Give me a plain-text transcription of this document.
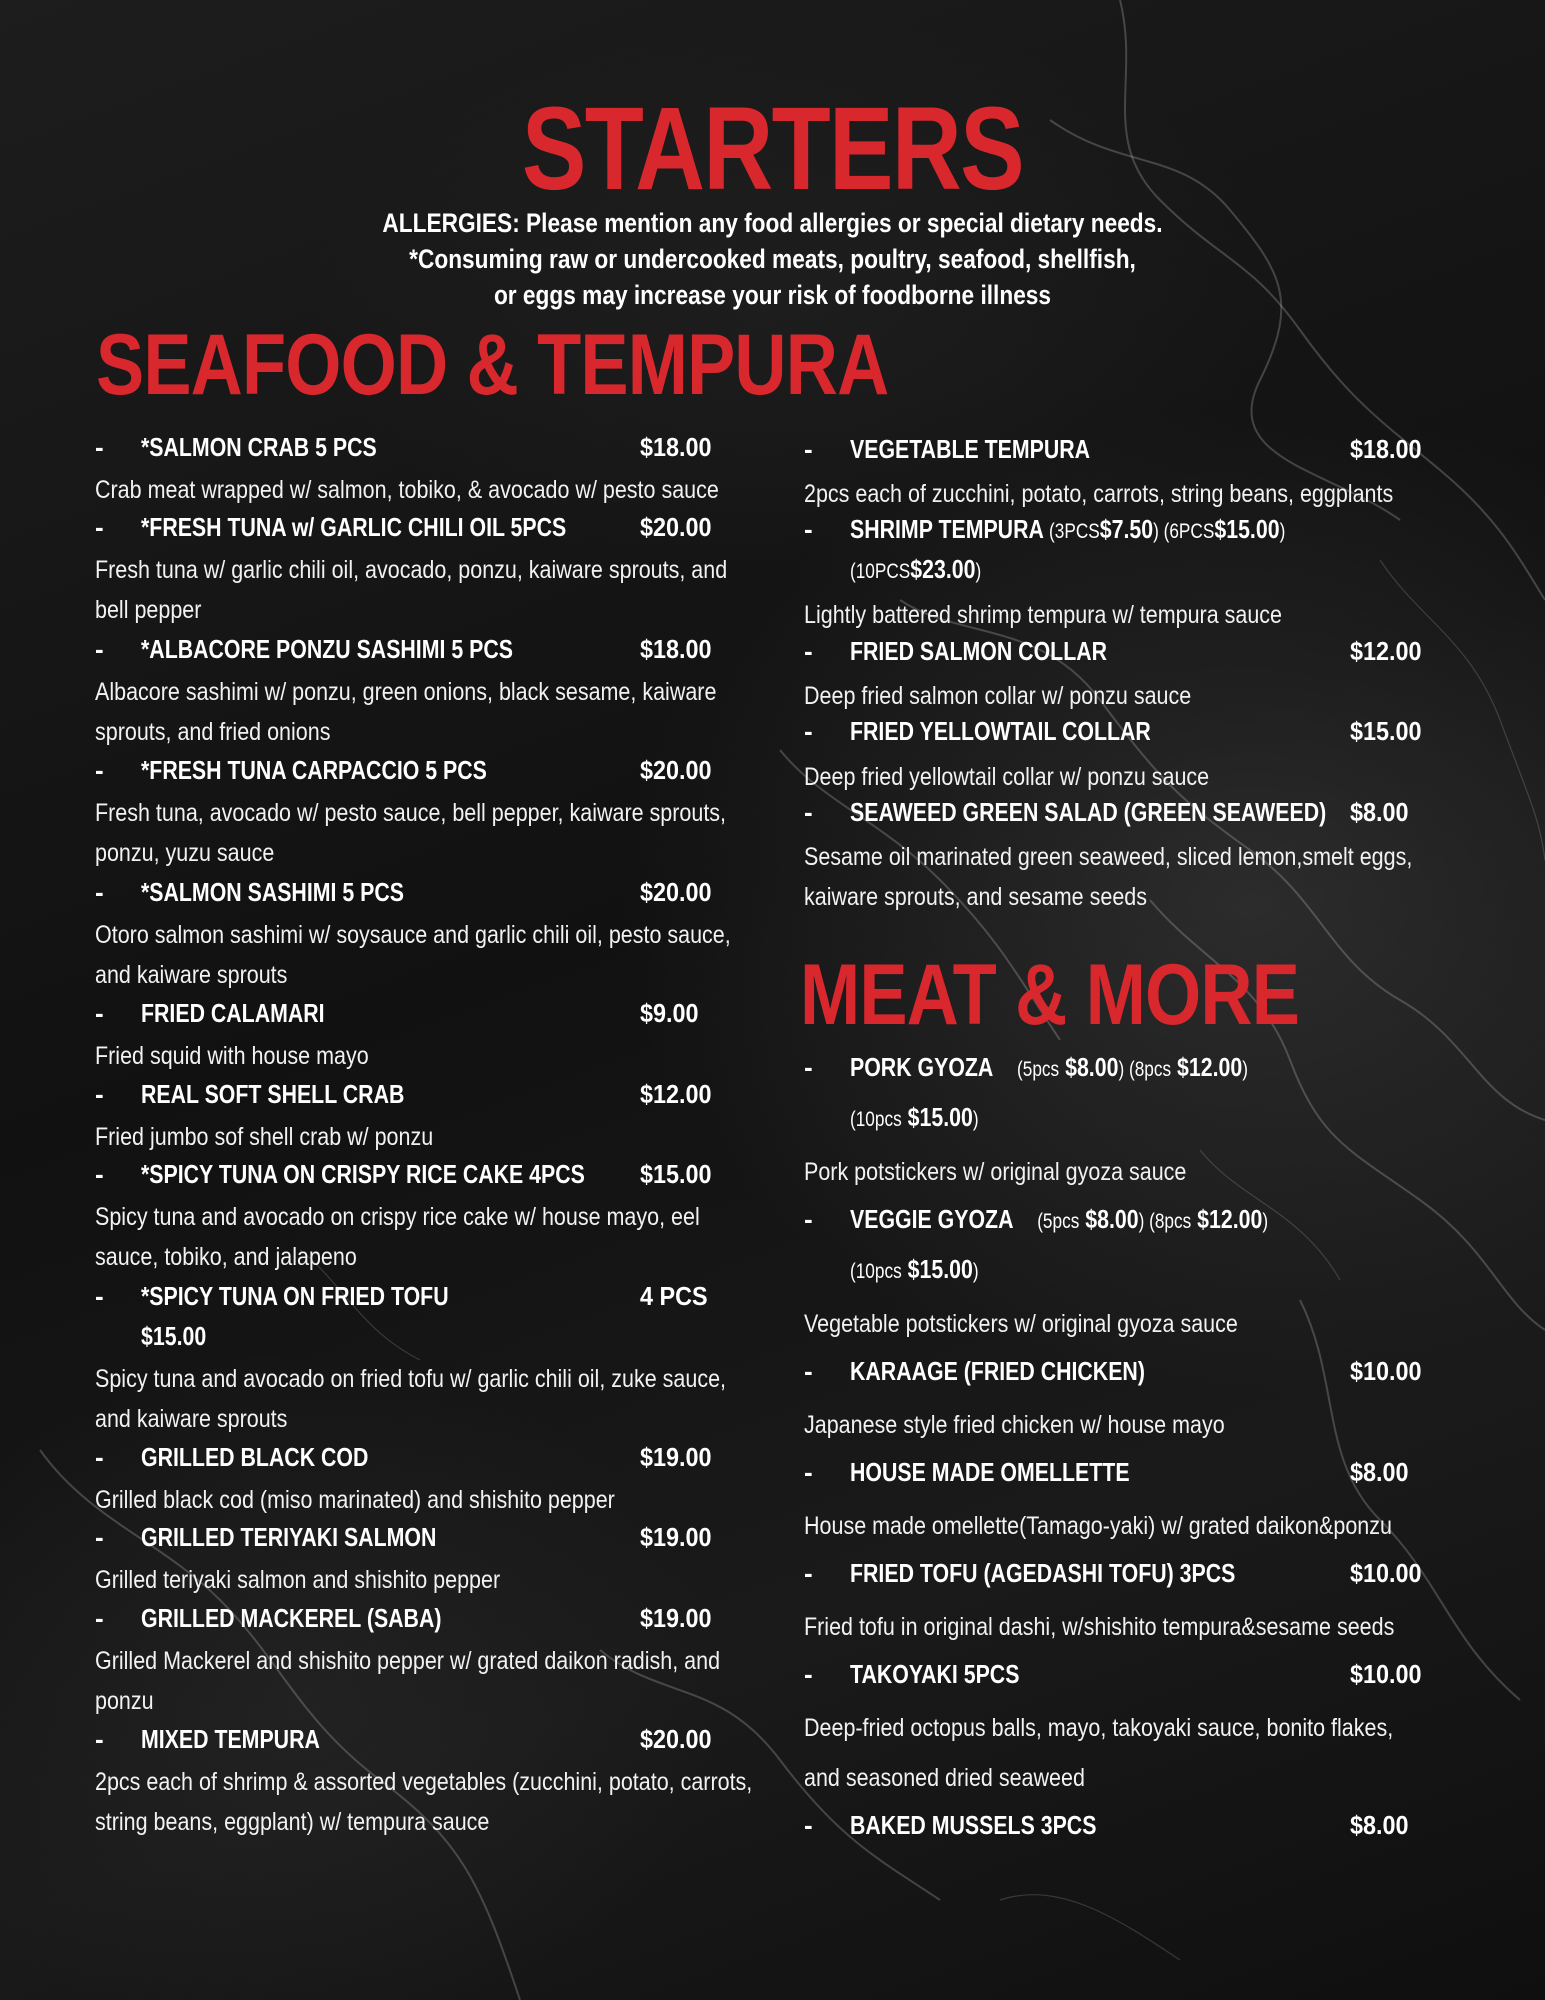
STARTERS
ALLERGIES: Please mention any food allergies or special dietary needs.
*Consuming raw or undercooked meats, poultry, seafood, shellfish,
or eggs may increase your risk of foodborne illness
SEAFOOD & TEMPURA
MEAT & MORE
- *SALMON CRAB 5 PCS	$18.00
Crab meat wrapped w/ salmon, tobiko, & avocado w/ pesto sauce
- *FRESH TUNA w/ GARLIC CHILI OIL 5PCS	$20.00
Fresh tuna w/ garlic chili oil, avocado, ponzu, kaiware sprouts, and
bell pepper
- *ALBACORE PONZU SASHIMI 5 PCS	$18.00
Albacore sashimi w/ ponzu, green onions, black sesame, kaiware
sprouts, and fried onions
- *FRESH TUNA CARPACCIO 5 PCS	$20.00
Fresh tuna, avocado w/ pesto sauce, bell pepper, kaiware sprouts,
ponzu, yuzu sauce
- *SALMON SASHIMI 5 PCS	$20.00
Otoro salmon sashimi w/ soysauce and garlic chili oil, pesto sauce,
and kaiware sprouts
- FRIED CALAMARI	$9.00
Fried squid with house mayo
- REAL SOFT SHELL CRAB	$12.00
Fried jumbo sof shell crab w/ ponzu
- *SPICY TUNA ON CRISPY RICE CAKE 4PCS $15.00
Spicy tuna and avocado on crispy rice cake w/ house mayo, eel
sauce, tobiko, and jalapeno
- *SPICY TUNA ON FRIED TOFU	4 PCS
$15.00
Spicy tuna and avocado on fried tofu w/ garlic chili oil, zuke sauce,
and kaiware sprouts
- GRILLED BLACK COD	$19.00
Grilled black cod (miso marinated) and shishito pepper
- GRILLED TERIYAKI SALMON	$19.00
Grilled teriyaki salmon and shishito pepper
- GRILLED MACKEREL (SABA)	$19.00
Grilled Mackerel and shishito pepper w/ grated daikon radish, and
ponzu
- MIXED TEMPURA	$20.00
2pcs each of shrimp & assorted vegetables (zucchini, potato, carrots,
string beans, eggplant) w/ tempura sauce
- VEGETABLE TEMPURA	$18.00
2pcs each of zucchini, potato, carrots, string beans, eggplants
- SHRIMP TEMPURA (3PCS$7.50) (6PCS$15.00)
(10PCS$23.00)
Lightly battered shrimp tempura w/ tempura sauce
- FRIED SALMON COLLAR	$12.00
Deep fried salmon collar w/ ponzu sauce
- FRIED YELLOWTAIL COLLAR	$15.00
Deep fried yellowtail collar w/ ponzu sauce
- SEAWEED GREEN SALAD (GREEN SEAWEED) $8.00
Sesame oil marinated green seaweed, sliced lemon,smelt eggs,
kaiware sprouts, and sesame seeds
- PORK GYOZA (5pcs $8.00) (8pcs $12.00)
(10pcs $15.00)
Pork potstickers w/ original gyoza sauce
- VEGGIE GYOZA (5pcs $8.00) (8pcs $12.00)
(10pcs $15.00)
Vegetable potstickers w/ original gyoza sauce
- KARAAGE (FRIED CHICKEN)	$10.00
Japanese style fried chicken w/ house mayo
- HOUSE MADE OMELLETTE	$8.00
House made omellette(Tamago-yaki) w/ grated daikon&ponzu
- FRIED TOFU (AGEDASHI TOFU) 3PCS	$10.00
Fried tofu in original dashi, w/shishito tempura&sesame seeds
- TAKOYAKI 5PCS	$10.00
Deep-fried octopus balls, mayo, takoyaki sauce, bonito flakes,
and seasoned dried seaweed
- BAKED MUSSELS 3PCS	$8.00
